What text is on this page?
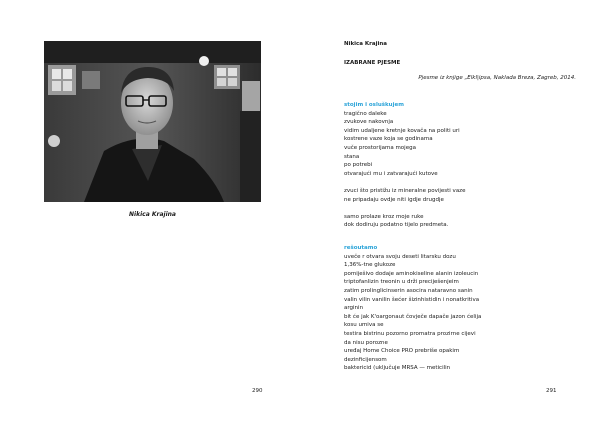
Nikica Krajina
290
Nikica Krajina
IZABRANE PJESME
Pjesme iz knjige „Elkl|ipsa, Naklada Breza, Zagreb, 2014.
stojim i osluškujem
tragično daleke
zvukove nakovnja
vidim udaljene kretnje kovača na politi uri
kostrene vaze koja se godinama
vuče prostorijama mojega
stana
po potrebi
otvarajući mu i zatvarajući kutove
zvuci što pristižu iz mineralne povijesti vaze
ne pripadaju ovdje niti igdje drugdje
samo prolaze kroz moje ruke
dok dodiruju podatno tijelo predmeta.
rešoutamo
uveče r otvara svoju deseti litarsku dozu
1,36%-tne glukoze
pomiješivo dodaje aminokiseline alanin izoleucin
triptofanlizin treonin u drži preciješenjeim
zatim prolinglicinserin asocira nataravno sanin
valin vilin vanilin šećer šizinhistidin i nonatkritiva
arginin
bit će jak K'oargonaut čovječe dapače jazon ćelija
kosu umiva se
testira bistrinu pozorno promatra prozirne cijevi
da nisu porozne
uređaj Home Choice PRO prebriše opakim
dezinficijensom
baktericid (uključuje MRSA — meticilin
291
